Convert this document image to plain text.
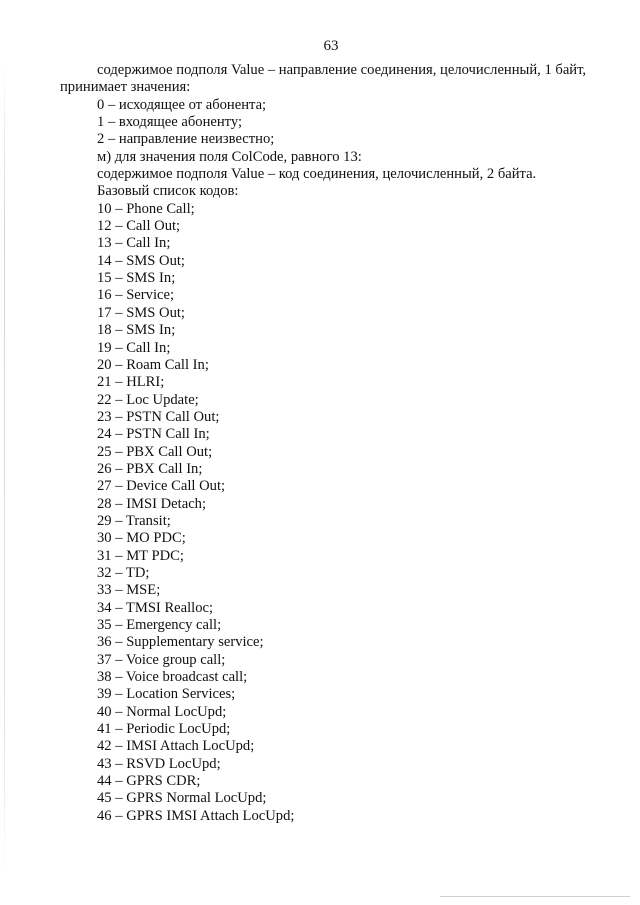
63
содержимое подполя Value – направление соединения, целочисленный, 1 байт,
принимает значения:
0 – исходящее от абонента;
1 – входящее абоненту;
2 – направление неизвестно;
м) для значения поля ColCode, равного 13:
содержимое подполя Value – код соединения, целочисленный, 2 байта.
Базовый список кодов:
10 – Phone Call;
12 – Call Out;
13 – Call In;
14 – SMS Out;
15 – SMS In;
16 – Service;
17 – SMS Out;
18 – SMS In;
19 – Call In;
20 – Roam Call In;
21 – HLRI;
22 – Loc Update;
23 – PSTN Call Out;
24 – PSTN Call In;
25 – PBX Call Out;
26 – PBX Call In;
27 – Device Call Out;
28 – IMSI Detach;
29 – Transit;
30 – MO PDC;
31 – MT PDC;
32 – TD;
33 – MSE;
34 – TMSI Realloc;
35 – Emergency call;
36 – Supplementary service;
37 – Voice group call;
38 – Voice broadcast call;
39 – Location Services;
40 – Normal LocUpd;
41 – Periodic LocUpd;
42 – IMSI Attach LocUpd;
43 – RSVD LocUpd;
44 – GPRS CDR;
45 – GPRS Normal LocUpd;
46 – GPRS IMSI Attach LocUpd;
